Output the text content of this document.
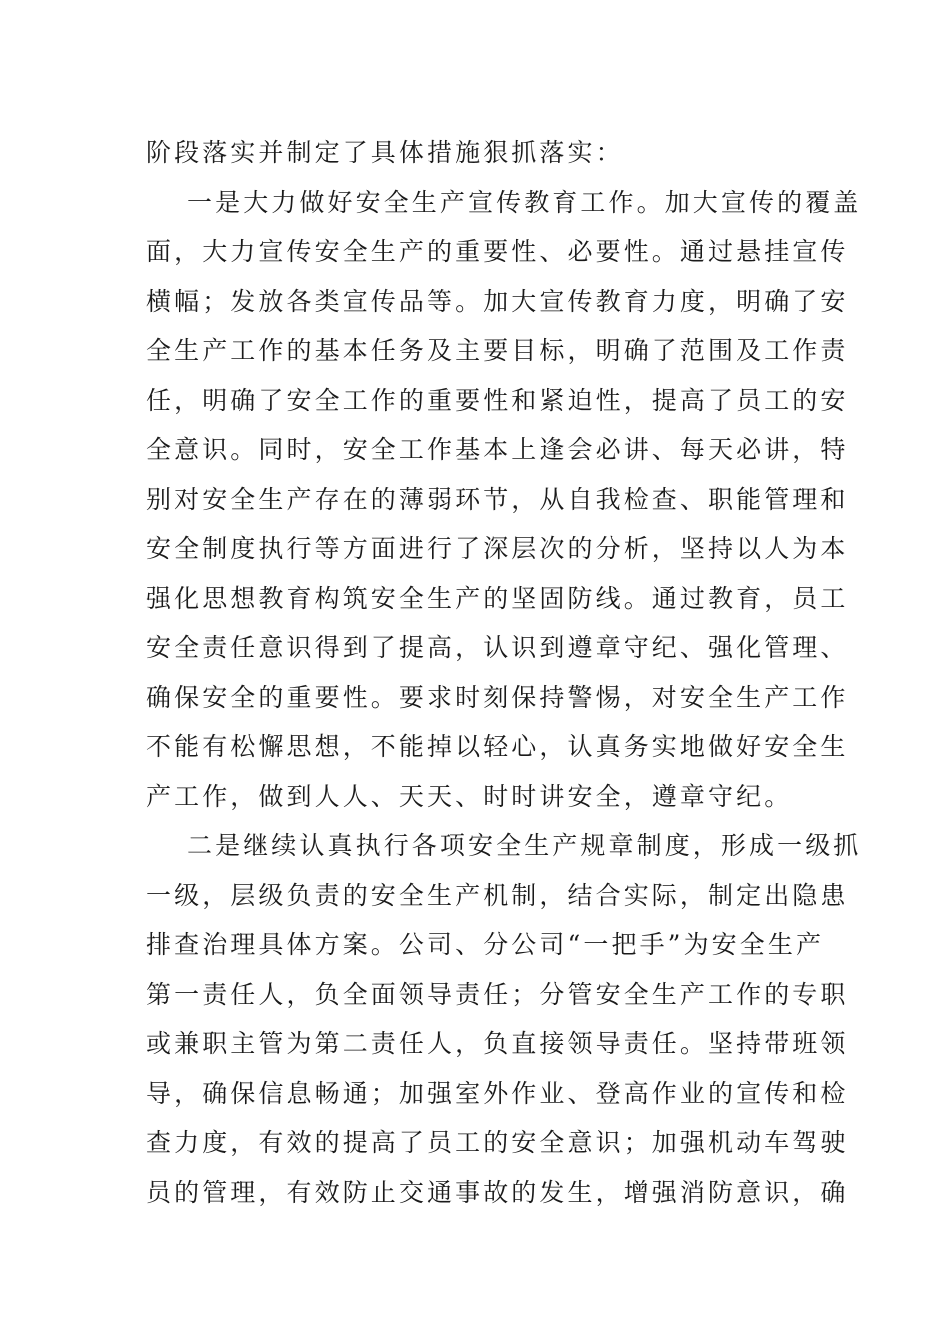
阶段落实并制定了具体措施狠抓落实：
一是大力做好安全生产宣传教育工作。加大宣传的覆盖
面，大力宣传安全生产的重要性、必要性。通过悬挂宣传
横幅；发放各类宣传品等。加大宣传教育力度，明确了安
全生产工作的基本任务及主要目标，明确了范围及工作责
任，明确了安全工作的重要性和紧迫性，提高了员工的安
全意识。同时，安全工作基本上逢会必讲、每天必讲，特
别对安全生产存在的薄弱环节，从自我检查、职能管理和
安全制度执行等方面进行了深层次的分析，坚持以人为本
强化思想教育构筑安全生产的坚固防线。通过教育，员工
安全责任意识得到了提高，认识到遵章守纪、强化管理、
确保安全的重要性。要求时刻保持警惕，对安全生产工作
不能有松懈思想，不能掉以轻心，认真务实地做好安全生
产工作，做到人人、天天、时时讲安全，遵章守纪。
二是继续认真执行各项安全生产规章制度，形成一级抓
一级，层级负责的安全生产机制，结合实际，制定出隐患
排查治理具体方案。公司、分公司“一把手”为安全生产
第一责任人，负全面领导责任；分管安全生产工作的专职
或兼职主管为第二责任人，负直接领导责任。坚持带班领
导，确保信息畅通；加强室外作业、登高作业的宣传和检
查力度，有效的提高了员工的安全意识；加强机动车驾驶
员的管理，有效防止交通事故的发生，增强消防意识，确
